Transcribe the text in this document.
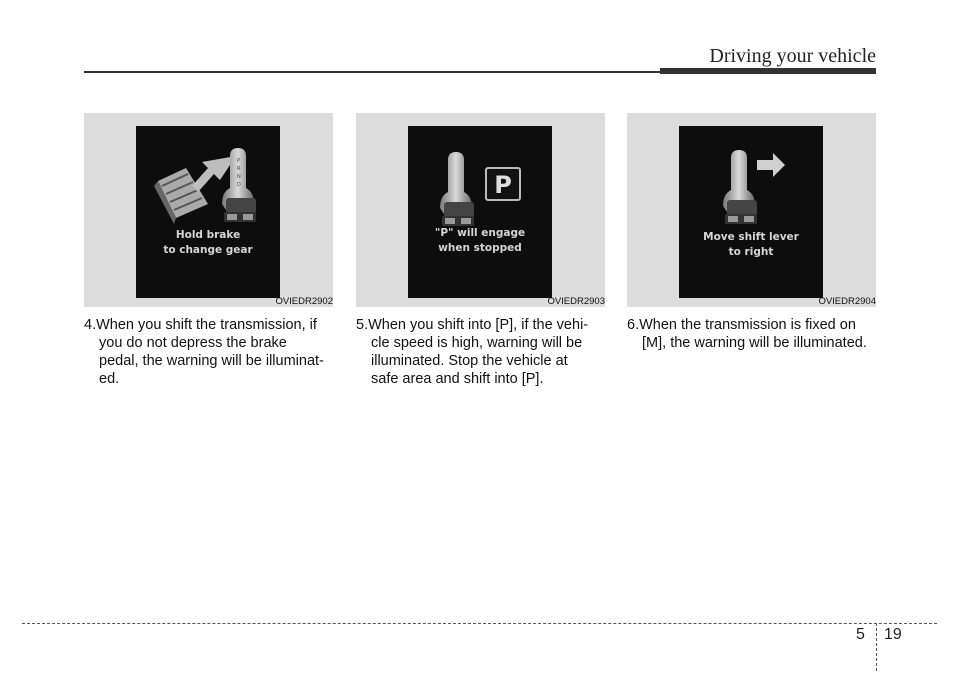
Driving your vehicle
P
R
N
D
Hold brake
to change gear
OVIEDR2902
P
"P" will engage
when stopped
OVIEDR2903
Move shift lever
to right
OVIEDR2904
4.When you shift the transmission, if
you do not depress the brake
pedal, the warning will be illuminat-
ed.
5.When you shift into [P], if the vehi-
cle speed is high, warning will be
illuminated. Stop the vehicle at
safe area and shift into [P].
6.When the transmission is fixed on
[M], the warning will be illuminated.
5 19
